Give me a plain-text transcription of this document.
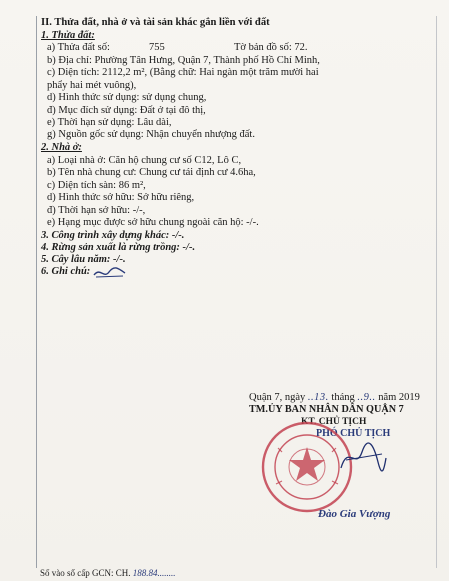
II. Thửa đất, nhà ở và tài sản khác gắn liền với đất
1. Thửa đất:
a) Thửa đất số:	755	Tờ bản đồ số: 72.
b) Địa chỉ: Phường Tân Hưng, Quận 7, Thành phố Hồ Chí Minh,
c) Diện tích: 2112,2 m², (Bằng chữ: Hai ngàn một trăm mười hai
phẩy hai mét vuông),
d) Hình thức sử dụng: sử dụng chung,
đ) Mục đích sử dụng: Đất ở tại đô thị,
e) Thời hạn sử dụng: Lâu dài,
g) Nguồn gốc sử dụng: Nhận chuyển nhượng đất.
2. Nhà ở:
a) Loại nhà ở: Căn hộ chung cư số C12, Lô C,
b) Tên nhà chung cư: Chung cư tái định cư 4.6ha,
c) Diện tích sàn: 86 m²,
d) Hình thức sở hữu: Sở hữu riêng,
đ) Thời hạn sở hữu: -/-,
e) Hạng mục được sở hữu chung ngoài căn hộ: -/-.
3. Công trình xây dựng khác: -/-.
4. Rừng sản xuất là rừng trồng: -/-.
5. Cây lâu năm: -/-.
6. Ghi chú:
Quận 7, ngày ..13. tháng ..9.. năm 2019
TM.ỦY BAN NHÂN DÂN QUẬN 7
KT. CHỦ TỊCH
PHÓ CHỦ TỊCH
Đào Gia Vượng
Số vào sổ cấp GCN: CH. 188.84........
